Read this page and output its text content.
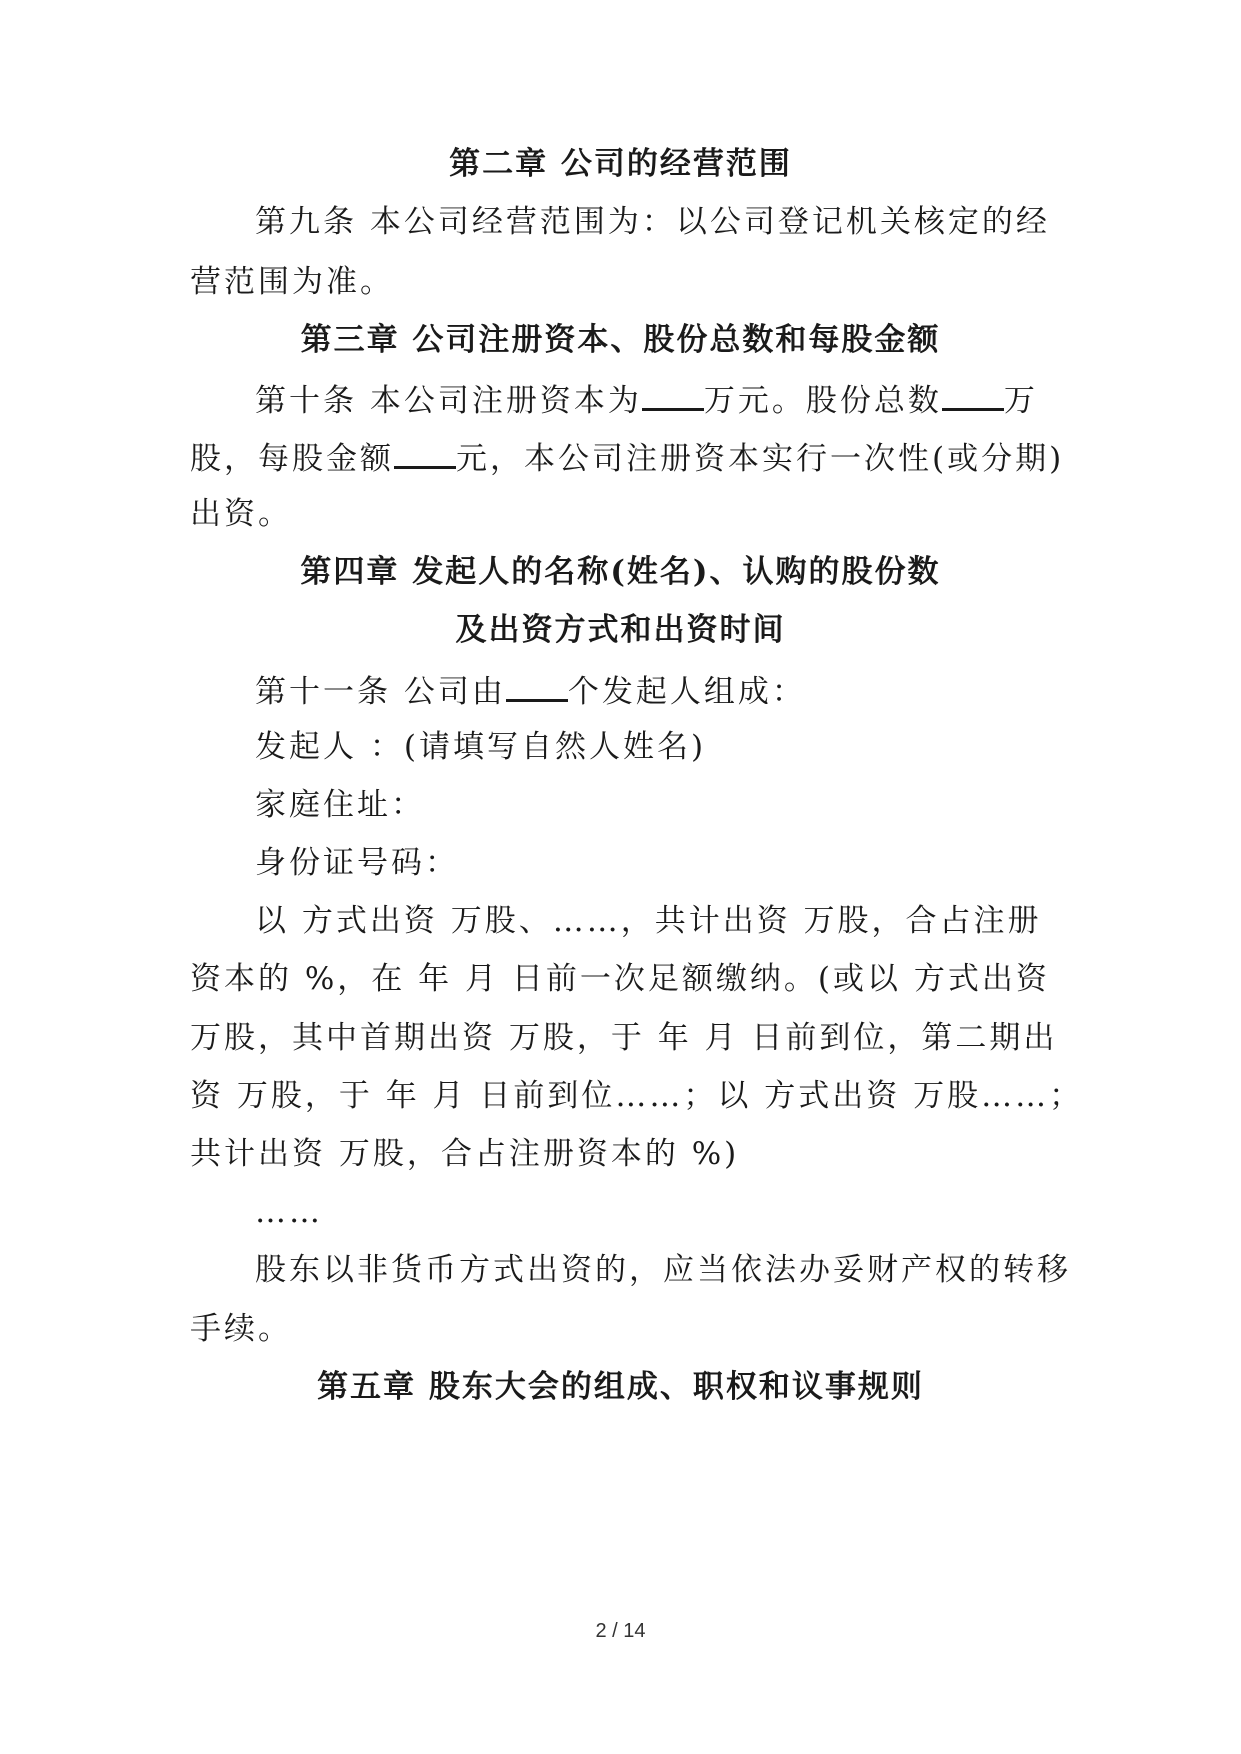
第二章 公司的经营范围
第九条 本公司经营范围为：以公司登记机关核定的经
营范围为准。
第三章 公司注册资本、股份总数和每股金额
第十条 本公司注册资本为 万元。股份总数 万
股，每股金额 元，本公司注册资本实行一次性(或分期)
出资。
第四章 发起人的名称(姓名)、认购的股份数
及出资方式和出资时间
第十一条 公司由 个发起人组成：
发起人 ：(请填写自然人姓名)
家庭住址：
身份证号码：
以 方式出资 万股、……，共计出资 万股，合占注册
资本的 %，在 年 月 日前一次足额缴纳。(或以 方式出资
万股，其中首期出资 万股，于 年 月 日前到位，第二期出
资 万股，于 年 月 日前到位……；以 方式出资 万股……；
共计出资 万股，合占注册资本的 %)
……
股东以非货币方式出资的，应当依法办妥财产权的转移
手续。
第五章 股东大会的组成、职权和议事规则
2 / 14
